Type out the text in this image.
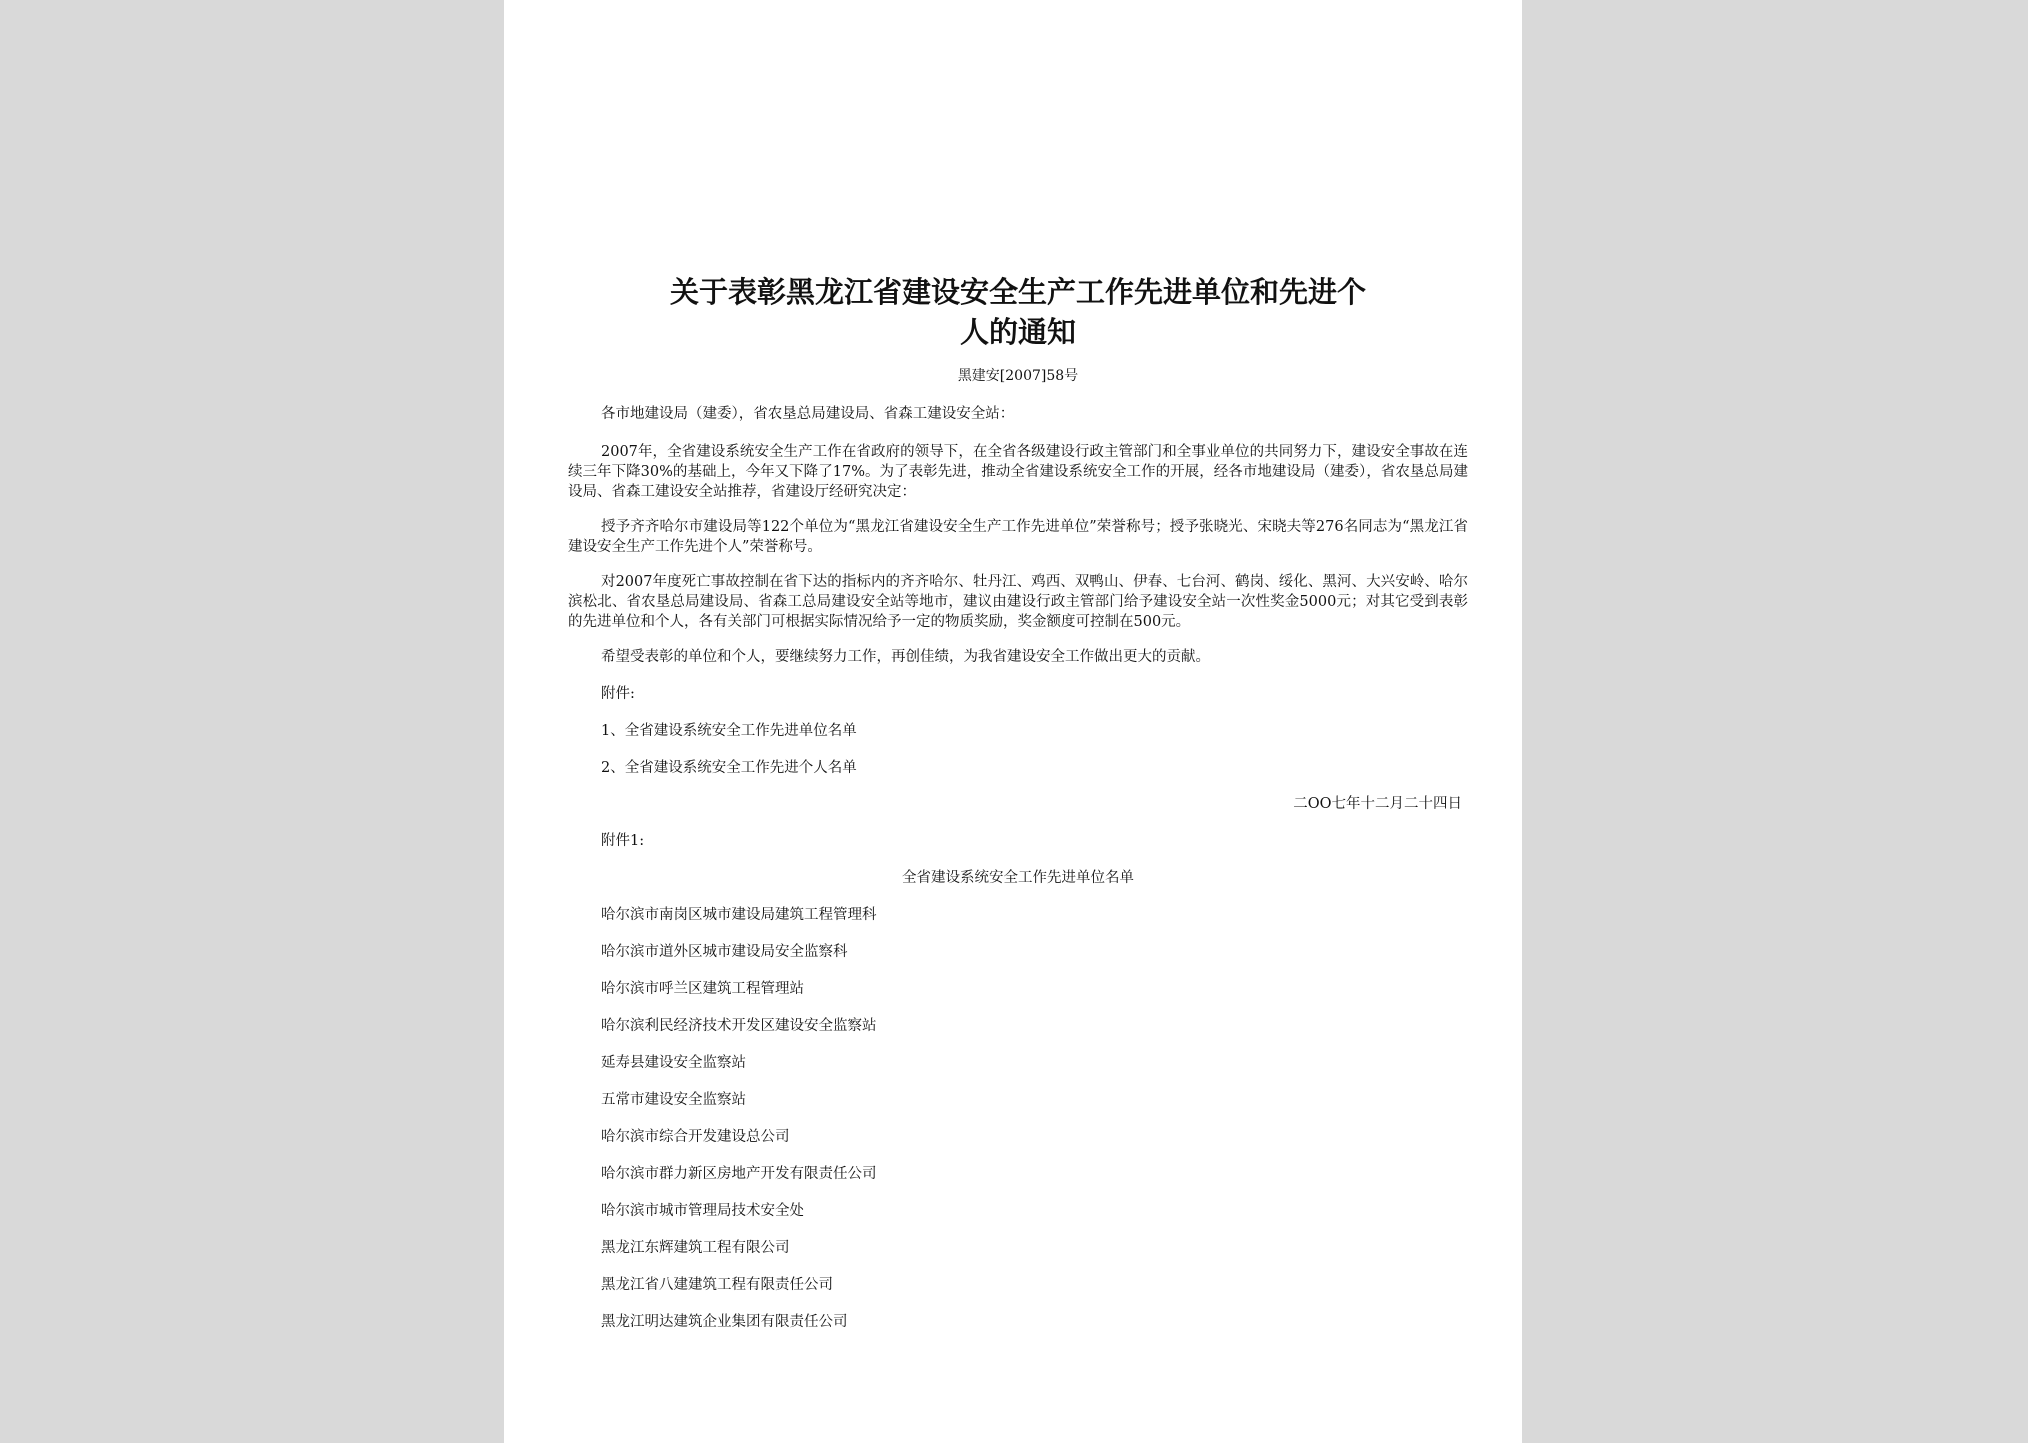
关于表彰黑龙江省建设安全生产工作先进单位和先进个
人的通知
黑建安[2007]58号

各市地建设局（建委），省农垦总局建设局、省森工建设安全站：

2007年，全省建设系统安全生产工作在省政府的领导下，在全省各级建设行政主管部门和全事业单位的共同努力下，建设安全事故在连续三年下降30%的基础上，今年又下降了17%。为了表彰先进，推动全省建设系统安全工作的开展，经各市地建设局（建委），省农垦总局建设局、省森工建设安全站推荐，省建设厅经研究决定：

授予齐齐哈尔市建设局等122个单位为“黑龙江省建设安全生产工作先进单位”荣誉称号；授予张晓光、宋晓夫等276名同志为“黑龙江省建设安全生产工作先进个人”荣誉称号。

对2007年度死亡事故控制在省下达的指标内的齐齐哈尔、牡丹江、鸡西、双鸭山、伊春、七台河、鹤岗、绥化、黑河、大兴安岭、哈尔滨松北、省农垦总局建设局、省森工总局建设安全站等地市，建议由建设行政主管部门给予建设安全站一次性奖金5000元；对其它受到表彰的先进单位和个人，各有关部门可根据实际情况给予一定的物质奖励，奖金额度可控制在500元。

希望受表彰的单位和个人，要继续努力工作，再创佳绩，为我省建设安全工作做出更大的贡献。

附件:

1、全省建设系统安全工作先进单位名单

2、全省建设系统安全工作先进个人名单

二OO七年十二月二十四日

附件1:

全省建设系统安全工作先进单位名单
哈尔滨市南岗区城市建设局建筑工程管理科
哈尔滨市道外区城市建设局安全监察科
哈尔滨市呼兰区建筑工程管理站
哈尔滨利民经济技术开发区建设安全监察站
延寿县建设安全监察站
五常市建设安全监察站
哈尔滨市综合开发建设总公司
哈尔滨市群力新区房地产开发有限责任公司
哈尔滨市城市管理局技术安全处
黑龙江东辉建筑工程有限公司
黑龙江省八建建筑工程有限责任公司
黑龙江明达建筑企业集团有限责任公司
